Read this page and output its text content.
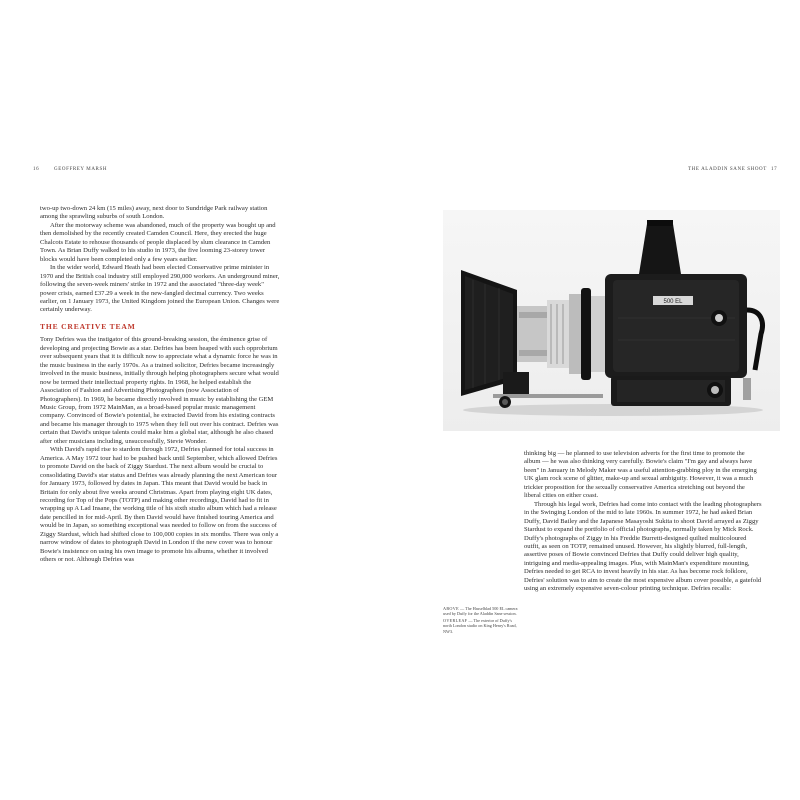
16	GEOFFREY MARSH	THE ALADDIN SANE SHOOT 17

two-up two-down 24 km (15 miles) away, next door to Sundridge Park railway station among the sprawling suburbs of south London.

After the motorway scheme was abandoned, much of the property was bought up and then demolished by the recently created Camden Council. Here, they erected the huge Chalcots Estate to rehouse thousands of people displaced by slum clearance in Camden Town. As Brian Duffy walked to his studio in 1973, the five looming 23-storey tower blocks would have been completed only a few years earlier.

In the wider world, Edward Heath had been elected Conservative prime minister in 1970 and the British coal industry still employed 290,000 workers. An underground miner, following the seven-week miners' strike in 1972 and the associated "three-day week" power crisis, earned £37.29 a week in the new-fangled decimal currency. Two weeks earlier, on 1 January 1973, the United Kingdom joined the European Union. Changes were certainly underway.

THE CREATIVE TEAM

Tony Defries was the instigator of this ground-breaking session, the éminence grise of developing and projecting Bowie as a star. Defries has been heaped with such opprobrium over subsequent years that it is difficult now to appreciate what a dynamic force he was in the music business in the early 1970s. As a trained solicitor, Defries became increasingly involved in the music business, initially through helping photographers secure what would now be termed their intellectual property rights. In 1968, he helped establish the Association of Fashion and Advertising Photographers (now Association of Photographers). In 1969, he became directly involved in music by establishing the GEM Music Group, from 1972 MainMan, as a broad-based popular music management company. Convinced of Bowie's potential, he extracted David from his existing contracts and became his manager through to 1975 when they fell out over his contract. Defries was certain that David's unique talents could make him a global star, although he also chased after other musicians including, unsuccessfully, Stevie Wonder.

With David's rapid rise to stardom through 1972, Defries planned for total success in America. A May 1972 tour had to be pushed back until September, which allowed Defries to promote David on the back of Ziggy Stardust. The next album would be crucial to consolidating David's star status and Defries was already planning the next American tour for January 1973, followed by dates in Japan. This meant that David would be back in Britain for only about five weeks around Christmas. Apart from playing eight UK dates, recording for Top of the Pops (TOTP) and making other recordings, David had to fit in wrapping up A Lad Insane, the working title of his sixth studio album which had a release date pencilled in for mid-April. By then David would have finished touring America and would be in Japan, so something exceptional was needed to follow on from the success of Ziggy Stardust, which had shifted close to 100,000 copies in six months. There was only a narrow window of dates to photograph David in London if the new cover was to honour Bowie's insistence on using his own image to promote his albums, whether it involved others or not. Although Defries was

500 EL

ABOVE — The Hasselblad 500 EL camera used by Duffy for the Aladdin Sane session.

OVERLEAF — The exterior of Duffy's north London studio on King Henry's Road, NW3.

thinking big — he planned to use television adverts for the first time to promote the album — he was also thinking very carefully. Bowie's claim "I'm gay and always have been" in January in Melody Maker was a useful attention-grabbing ploy in the emerging UK glam rock scene of glitter, make-up and sexual ambiguity. However, it was a much trickier proposition for the sexually conservative America stretching out beyond the liberal cities on either coast.

Through his legal work, Defries had come into contact with the leading photographers in the Swinging London of the mid to late 1960s. In summer 1972, he had asked Brian Duffy, David Bailey and the Japanese Masayoshi Sukita to shoot David arrayed as Ziggy Stardust to expand the portfolio of official photographs, normally taken by Mick Rock. Duffy's photographs of Ziggy in his Freddie Burretti-designed quilted multicoloured outfit, as seen on TOTP, remained unused. However, his slightly blurred, full-length, assertive poses of Bowie convinced Defries that Duffy could deliver high quality, intriguing and media-appealing images. Plus, with MainMan's expenditure mounting, Defries needed to get RCA to invest heavily in his star. As has become rock folklore, Defries' solution was to aim to create the most expensive album cover possible, a gatefold using an extremely expensive seven-colour printing technique. Defries recalls:
